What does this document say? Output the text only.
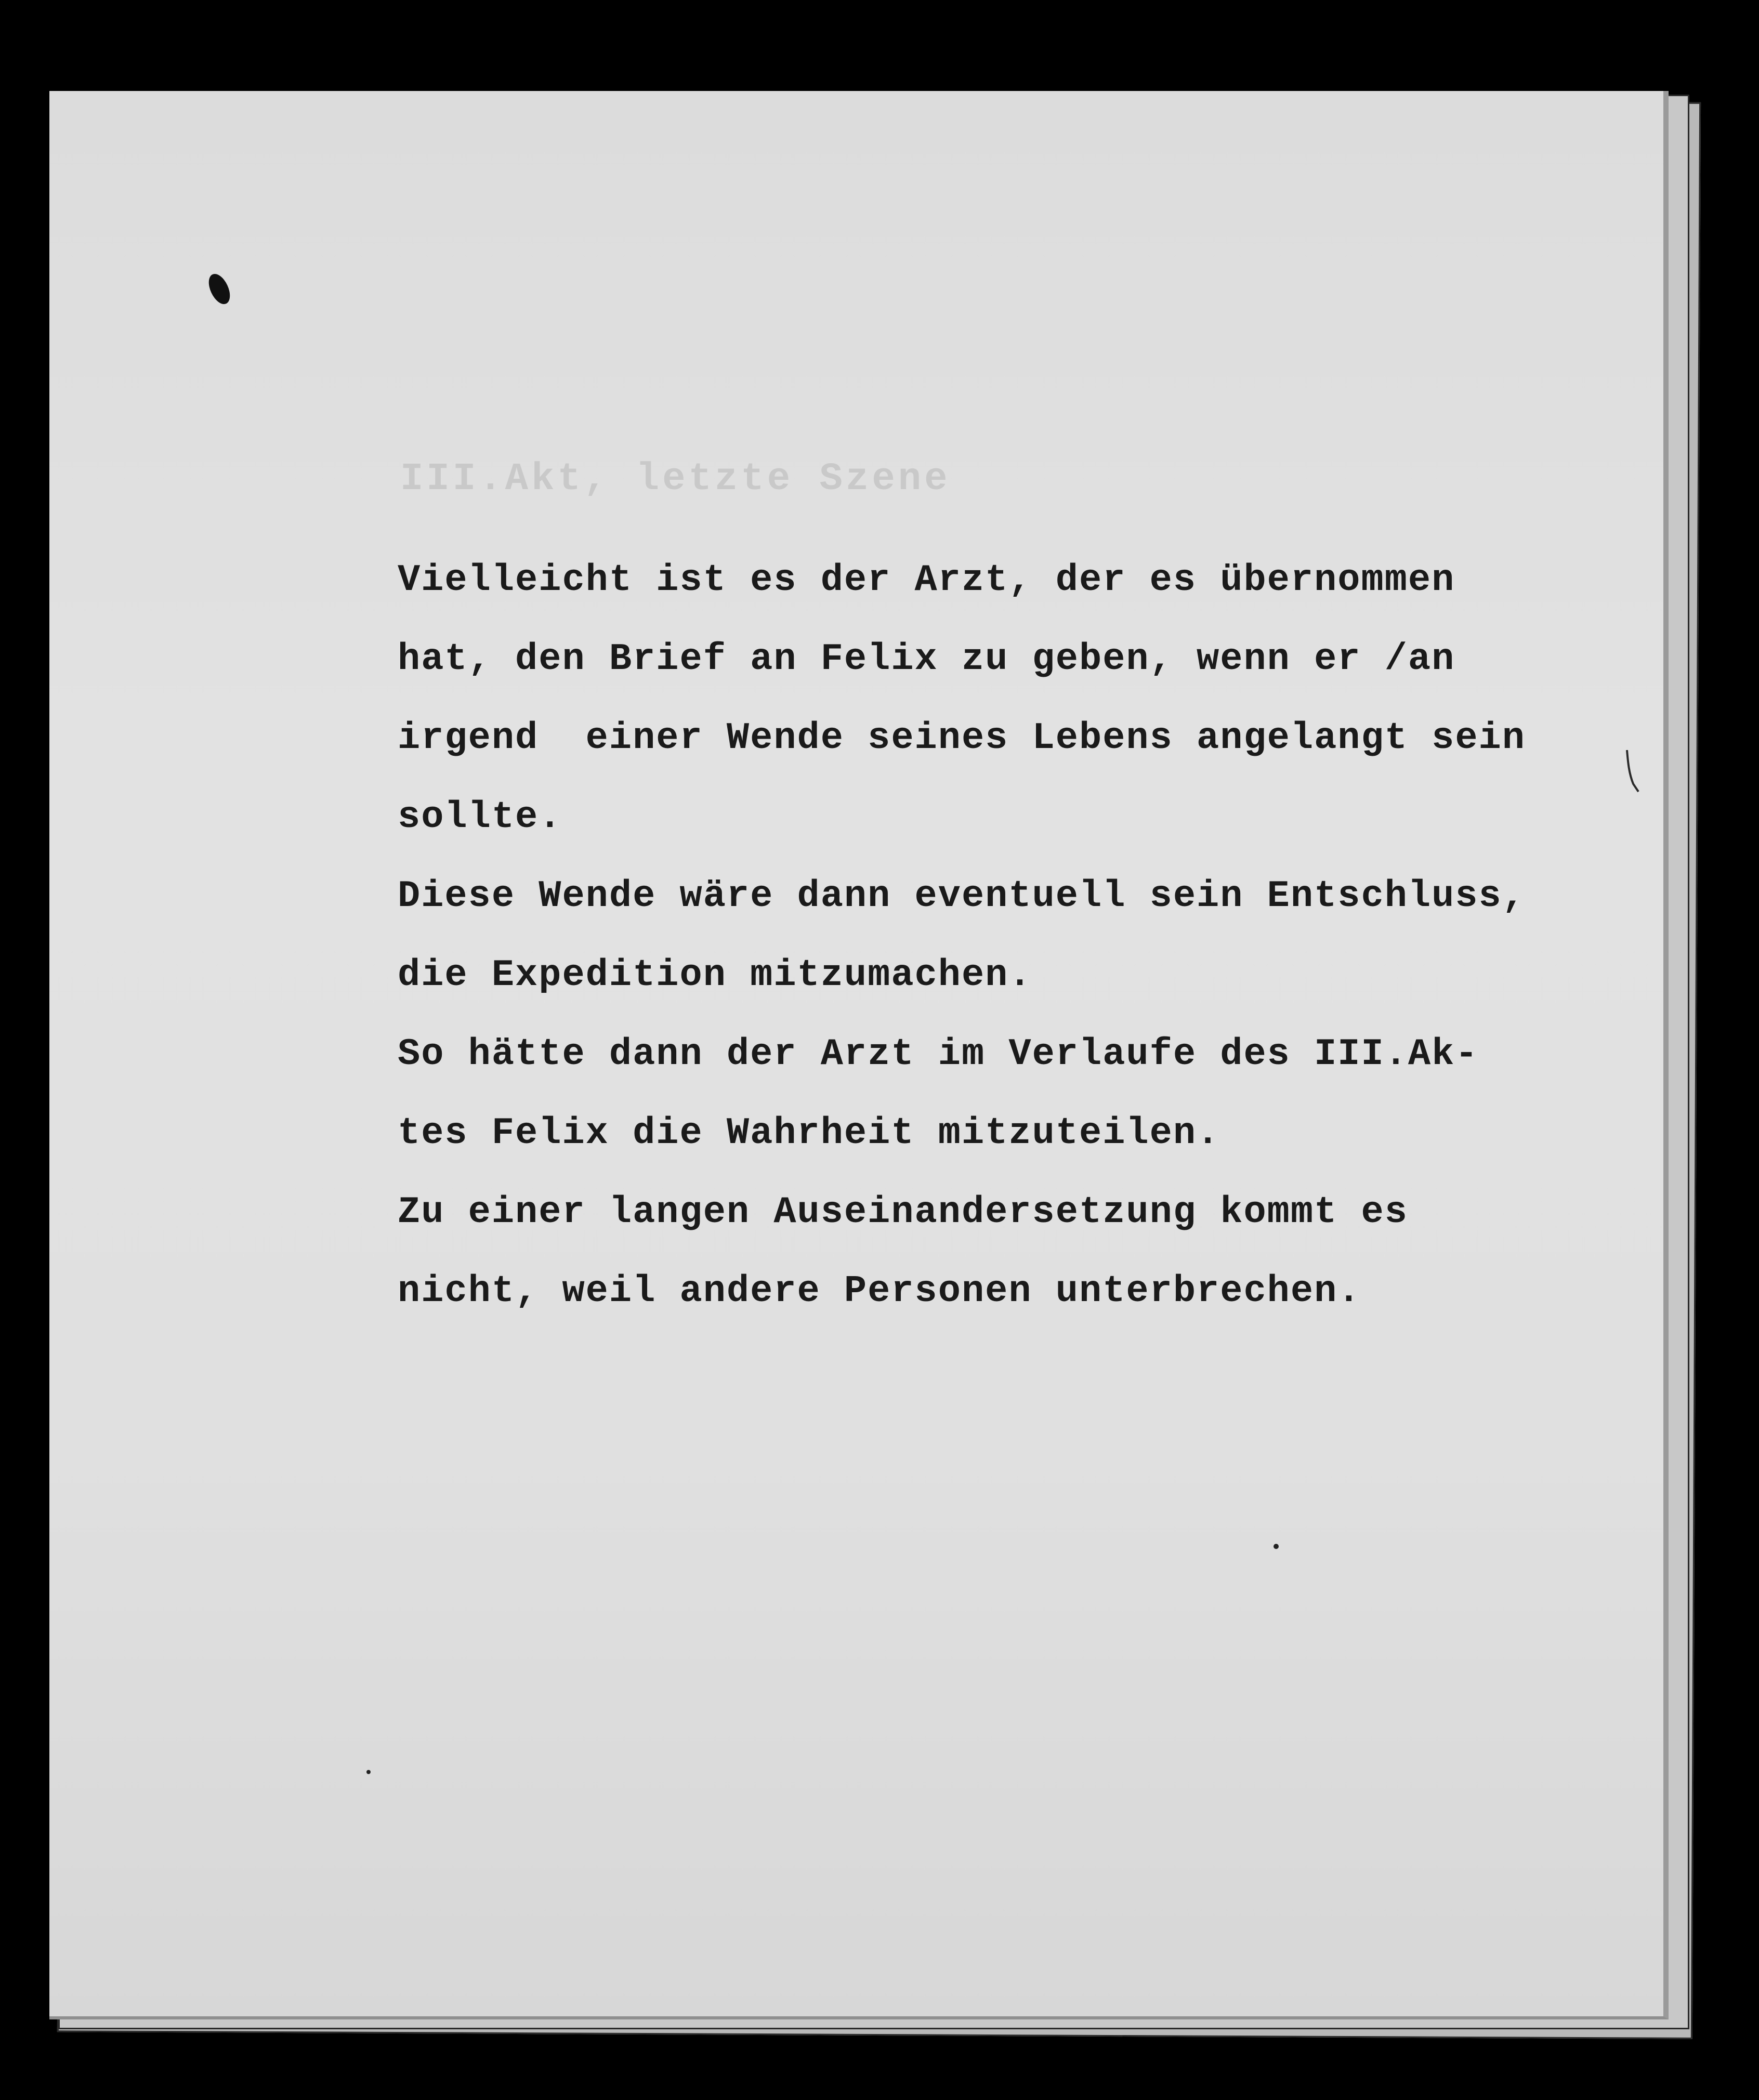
III.Akt, letzte Szene
Vielleicht ist es der Arzt, der es übernommen
hat, den Brief an Felix zu geben, wenn er /an
irgend  einer Wende seines Lebens angelangt sein
sollte.
Diese Wende wäre dann eventuell sein Entschluss,
die Expedition mitzumachen.
So hätte dann der Arzt im Verlaufe des III.Ak-
tes Felix die Wahrheit mitzuteilen.
Zu einer langen Auseinandersetzung kommt es
nicht, weil andere Personen unterbrechen.
